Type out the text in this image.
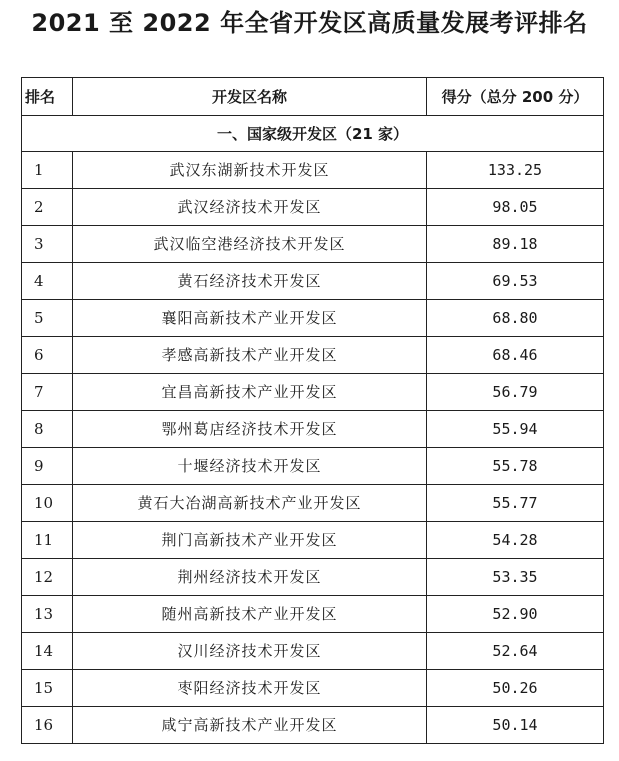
2021 至 2022 年全省开发区高质量发展考评排名
排名	开发区名称	得分（总分 200 分）
一、国家级开发区（21 家）		
1	武汉东湖新技术开发区	133.25
2	武汉经济技术开发区	98.05
3	武汉临空港经济技术开发区	89.18
4	黄石经济技术开发区	69.53
5	襄阳高新技术产业开发区	68.80
6	孝感高新技术产业开发区	68.46
7	宜昌高新技术产业开发区	56.79
8	鄂州葛店经济技术开发区	55.94
9	十堰经济技术开发区	55.78
10	黄石大冶湖高新技术产业开发区	55.77
11	荆门高新技术产业开发区	54.28
12	荆州经济技术开发区	53.35
13	随州高新技术产业开发区	52.90
14	汉川经济技术开发区	52.64
15	枣阳经济技术开发区	50.26
16	咸宁高新技术产业开发区	50.14
